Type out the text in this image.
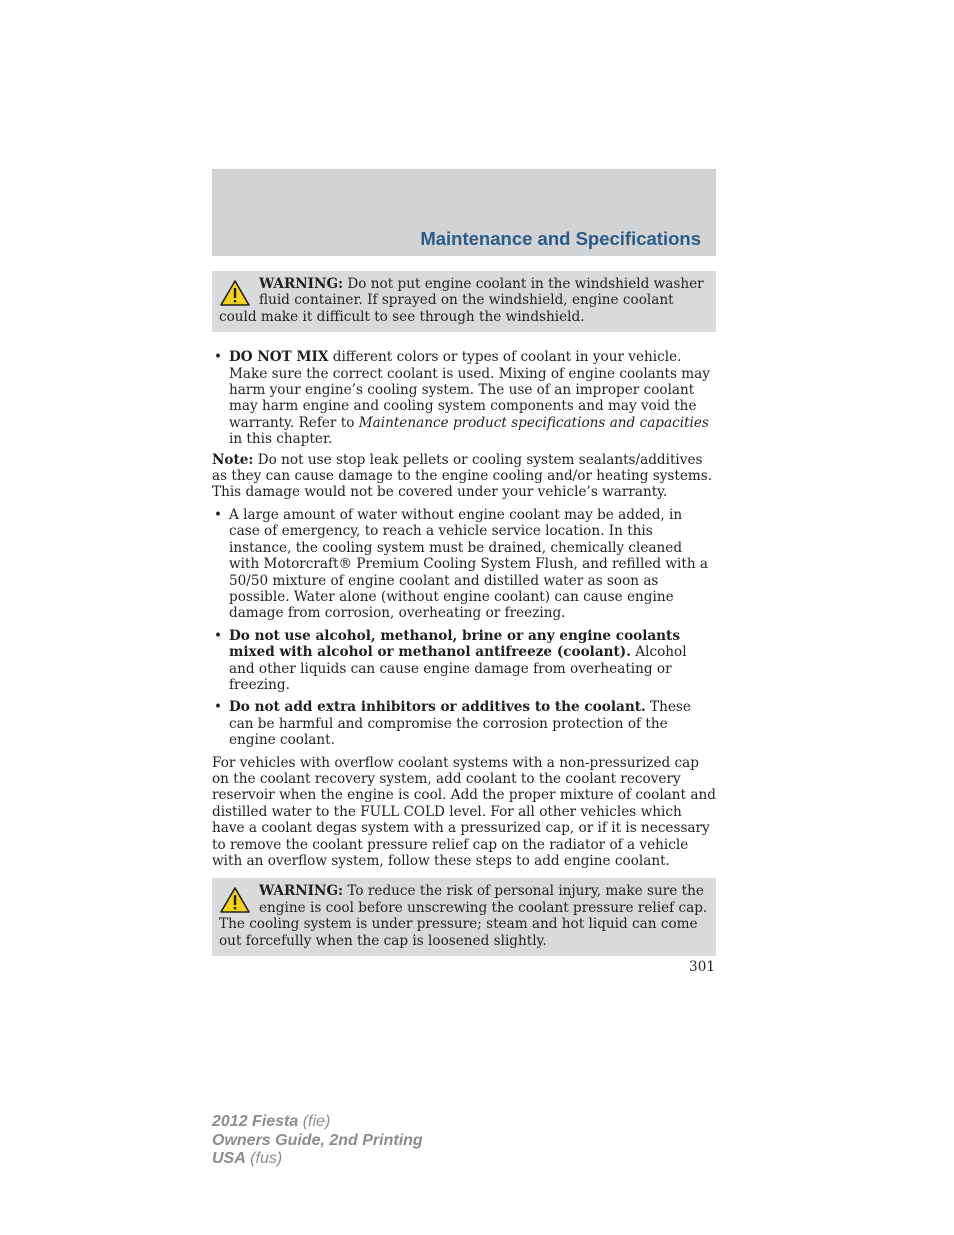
Maintenance and Specifications
WARNING: Do not put engine coolant in the windshield washer fluid container. If sprayed on the windshield, engine coolant could make it difficult to see through the windshield.
• DO NOT MIX different colors or types of coolant in your vehicle. Make sure the correct coolant is used. Mixing of engine coolants may harm your engine’s cooling system. The use of an improper coolant may harm engine and cooling system components and may void the warranty. Refer to Maintenance product specifications and capacities in this chapter.

Note: Do not use stop leak pellets or cooling system sealants/additives as they can cause damage to the engine cooling and/or heating systems. This damage would not be covered under your vehicle’s warranty.

• A large amount of water without engine coolant may be added, in case of emergency, to reach a vehicle service location. In this instance, the cooling system must be drained, chemically cleaned with Motorcraft® Premium Cooling System Flush, and refilled with a 50/50 mixture of engine coolant and distilled water as soon as possible. Water alone (without engine coolant) can cause engine damage from corrosion, overheating or freezing.
• Do not use alcohol, methanol, brine or any engine coolants mixed with alcohol or methanol antifreeze (coolant). Alcohol and other liquids can cause engine damage from overheating or freezing.
• Do not add extra inhibitors or additives to the coolant. These can be harmful and compromise the corrosion protection of the engine coolant.

For vehicles with overflow coolant systems with a non-pressurized cap on the coolant recovery system, add coolant to the coolant recovery reservoir when the engine is cool. Add the proper mixture of coolant and distilled water to the FULL COLD level. For all other vehicles which have a coolant degas system with a pressurized cap, or if it is necessary to remove the coolant pressure relief cap on the radiator of a vehicle with an overflow system, follow these steps to add engine coolant.

WARNING: To reduce the risk of personal injury, make sure the engine is cool before unscrewing the coolant pressure relief cap. The cooling system is under pressure; steam and hot liquid can come out forcefully when the cap is loosened slightly.
301
2012 Fiesta (fie)
Owners Guide, 2nd Printing
USA (fus)
